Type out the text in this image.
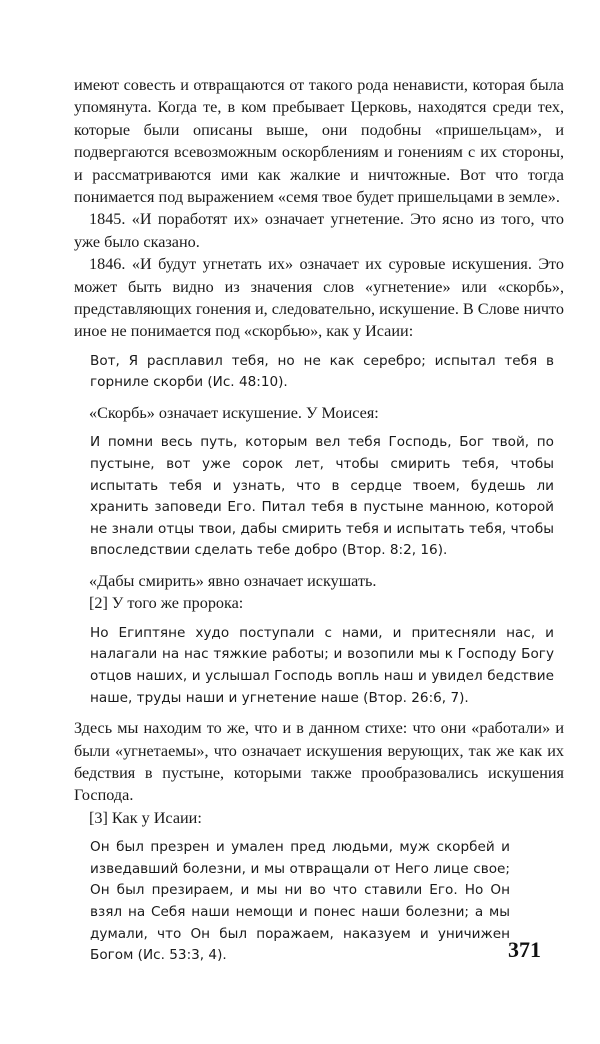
имеют совесть и отвращаются от такого рода ненависти, которая была упомянута. Когда те, в ком пребывает Церковь, находятся среди тех, которые были описаны выше, они подобны «пришельцам», и подвергаются всевозможным оскорблениям и гонениям с их стороны, и рассматриваются ими как жалкие и ничтожные. Вот что тогда понимается под выражением «семя твое будет пришельцами в земле».

1845. «И поработят их» означает угнетение. Это ясно из того, что уже было сказано.

1846. «И будут угнетать их» означает их суровые искушения. Это может быть видно из значения слов «угнетение» или «скорбь», представляющих гонения и, следовательно, искушение. В Слове ничто иное не понимается под «скорбью», как у Исаии:

Вот, Я расплавил тебя, но не как серебро; испытал тебя в горниле скорби (Ис. 48:10).

«Скорбь» означает искушение. У Моисея:

И помни весь путь, которым вел тебя Господь, Бог твой, по пустыне, вот уже сорок лет, чтобы смирить тебя, чтобы испытать тебя и узнать, что в сердце твоем, будешь ли хранить заповеди Его. Питал тебя в пустыне манною, которой не знали отцы твои, дабы смирить тебя и испытать тебя, чтобы впоследствии сделать тебе добро (Втор. 8:2, 16).

«Дабы смирить» явно означает искушать.

[2] У того же пророка:

Но Египтяне худо поступали с нами, и притесняли нас, и налагали на нас тяжкие работы; и возопили мы к Господу Богу отцов наших, и услышал Господь вопль наш и увидел бедствие наше, труды наши и угнетение наше (Втор. 26:6, 7).

Здесь мы находим то же, что и в данном стихе: что они «работали» и были «угнетаемы», что означает искушения верующих, так же как их бедствия в пустыне, которыми также прообразовались искушения Господа.

[3] Как у Исаии:

Он был презрен и умален пред людьми, муж скорбей и изведавший болезни, и мы отвращали от Него лице свое; Он был презираем, и мы ни во что ставили Его. Но Он взял на Себя наши немощи и понес наши болезни; а мы думали, что Он был поражаем, наказуем и уничижен Богом (Ис. 53:3, 4).	371
